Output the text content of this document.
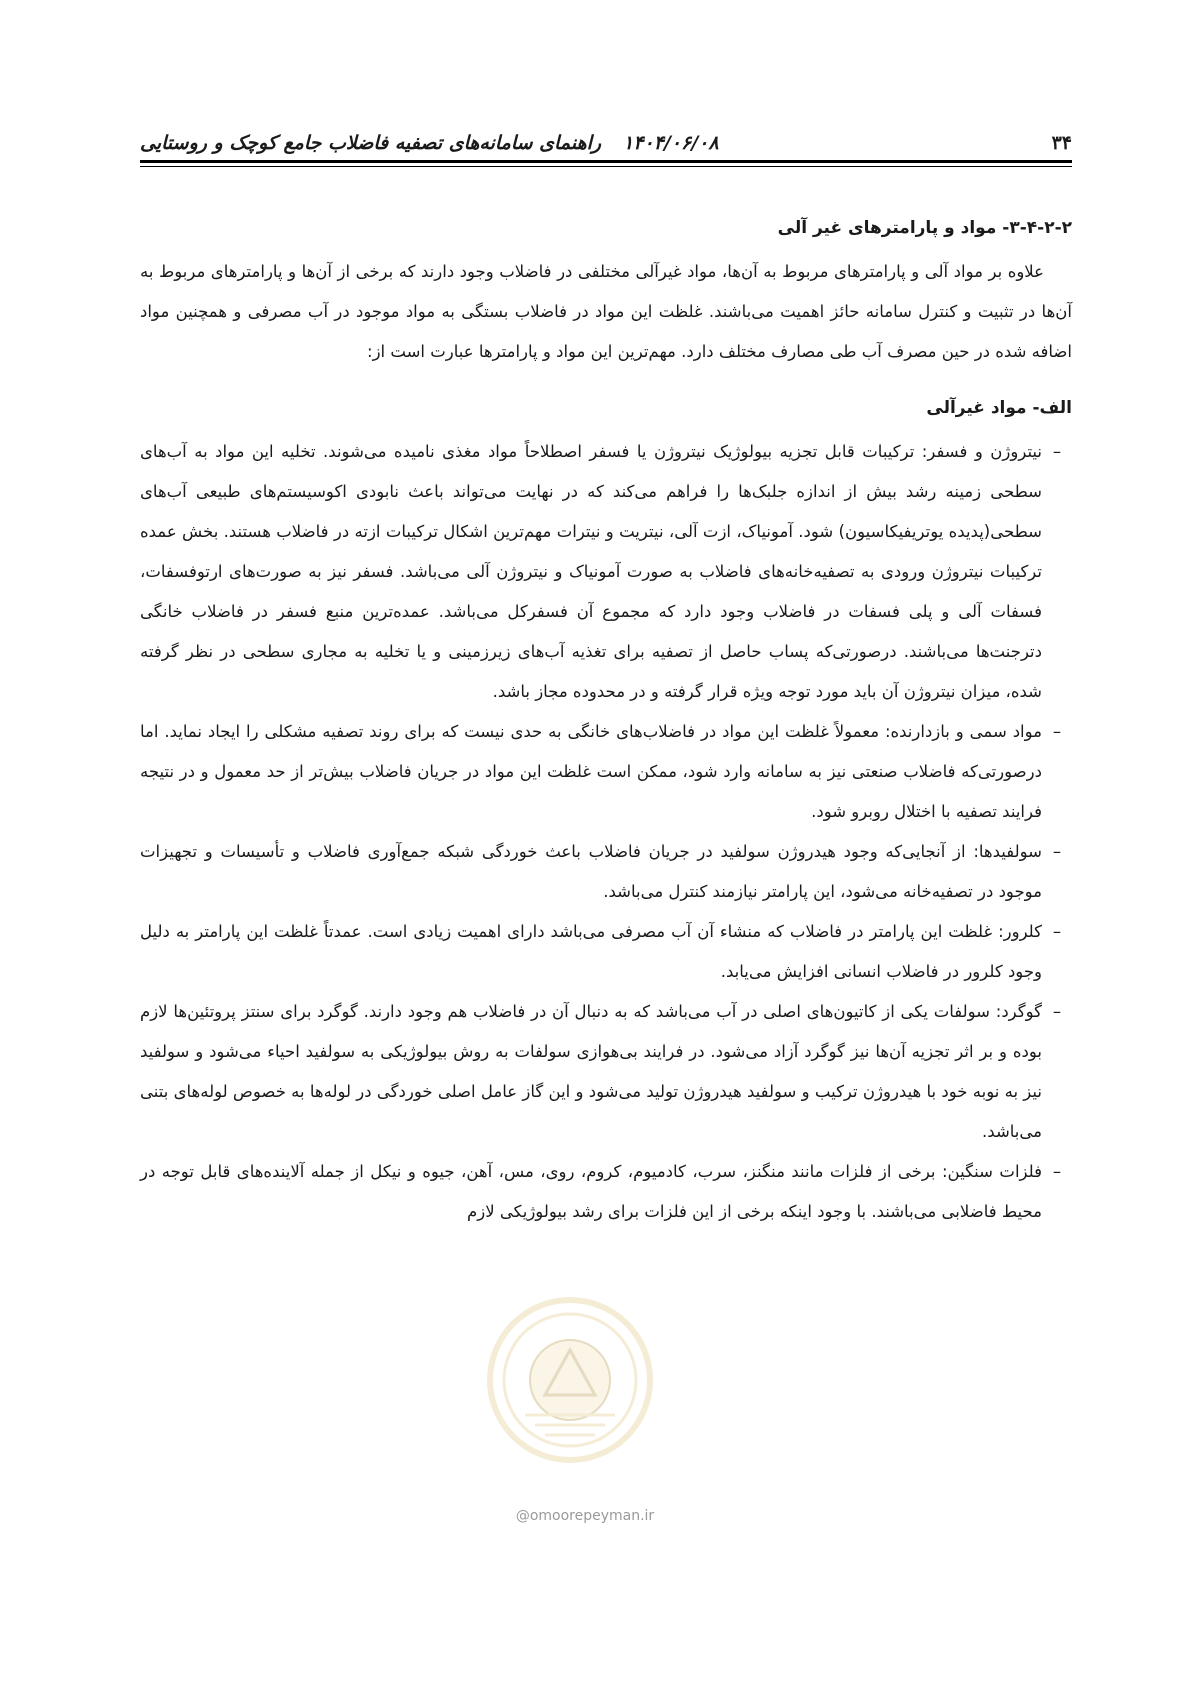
۳۴
۱۴۰۴/۰۶/۰۸
راهنمای سامانه‌های تصفیه فاضلاب جامع کوچک و روستایی
۳-۴-۲-۲- مواد و پارامترهای غیر آلی

علاوه بر مواد آلی و پارامترهای مربوط به آن‌ها، مواد غیرآلی مختلفی در فاضلاب وجود دارند که برخی از آن‌ها و پارامترهای مربوط به آن‌ها در تثبیت و کنترل سامانه حائز اهمیت می‌باشند. غلظت این مواد در فاضلاب بستگی به مواد موجود در آب مصرفی و همچنین مواد اضافه شده در حین مصرف آب طی مصارف مختلف دارد. مهم‌ترین این مواد و پارامترها عبارت است از:

الف- مواد غیرآلی
–
نیتروژن و فسفر: ترکیبات قابل تجزیه بیولوژیک نیتروژن یا فسفر اصطلاحاً مواد مغذی نامیده می‌شوند. تخلیه این مواد به آب‌های سطحی زمینه رشد بیش از اندازه جلبک‌ها را فراهم می‌کند که در نهایت می‌تواند باعث نابودی اکوسیستم‌های طبیعی آب‌های سطحی(پدیده یوتریفیکاسیون) شود. آمونیاک، ازت آلی، نیتریت و نیترات مهم‌ترین اشکال ترکیبات ازته در فاضلاب هستند. بخش عمده ترکیبات نیتروژن ورودی به تصفیه‌خانه‌های فاضلاب به صورت آمونیاک و نیتروژن آلی می‌باشد. فسفر نیز به صورت‌های ارتوفسفات، فسفات آلی و پلی فسفات در فاضلاب وجود دارد که مجموع آن فسفرکل می‌باشد. عمده‌ترین منبع فسفر در فاضلاب خانگی دترجنت‌ها می‌باشند. درصورتی‌که پساب حاصل از تصفیه برای تغذیه آب‌های زیرزمینی و یا تخلیه به مجاری سطحی در نظر گرفته شده، میزان نیتروژن آن باید مورد توجه ویژه قرار گرفته و در محدوده مجاز باشد.
–
مواد سمی و بازدارنده: معمولاً غلظت این مواد در فاضلاب‌های خانگی به حدی نیست که برای روند تصفیه مشکلی را ایجاد نماید. اما درصورتی‌که فاضلاب صنعتی نیز به سامانه وارد شود، ممکن است غلظت این مواد در جریان فاضلاب بیش‌تر از حد معمول و در نتیجه فرایند تصفیه با اختلال روبرو شود.
–
سولفیدها: از آنجایی‌که وجود هیدروژن سولفید در جریان فاضلاب باعث خوردگی شبکه جمع‌آوری فاضلاب و تأسیسات و تجهیزات موجود در تصفیه‌خانه می‌شود، این پارامتر نیازمند کنترل می‌باشد.
–
کلرور: غلظت این پارامتر در فاضلاب که منشاء آن آب مصرفی می‌باشد دارای اهمیت زیادی است. عمدتاً غلظت این پارامتر به دلیل وجود کلرور در فاضلاب انسانی افزایش می‌یابد.
–
گوگرد: سولفات یکی از کاتیون‌های اصلی در آب می‌باشد که به دنبال آن در فاضلاب هم وجود دارند. گوگرد برای سنتز پروتئین‌ها لازم بوده و بر اثر تجزیه آن‌ها نیز گوگرد آزاد می‌شود. در فرایند بی‌هوازی سولفات به روش بیولوژیکی به سولفید احیاء می‌شود و سولفید نیز به نوبه خود با هیدروژن ترکیب و سولفید هیدروژن تولید می‌شود و این گاز عامل اصلی خوردگی در لوله‌ها به خصوص لوله‌های بتنی می‌باشد.
–
فلزات سنگین: برخی از فلزات مانند منگنز، سرب، کادمیوم، کروم، روی، مس، آهن، جیوه و نیکل از جمله آلاینده‌های قابل توجه در محیط فاضلابی می‌باشند. با وجود اینکه برخی از این فلزات برای رشد بیولوژیکی لازم
@omoorepeyman.ir
